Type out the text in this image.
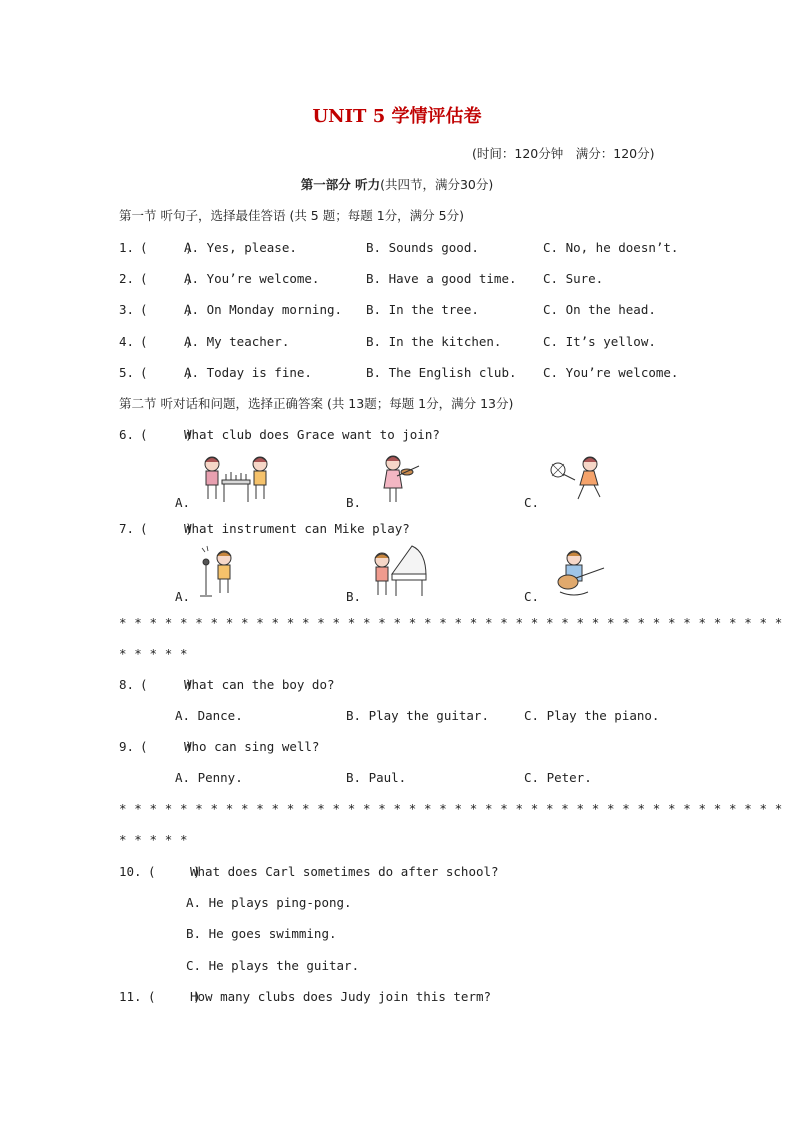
UNIT 5 学情评估卷
(时间：120分钟　满分：120分)
第一部分 听力(共四节，满分30分)
第一节 听句子，选择最佳答语 (共 5 题；每题 1分，满分 5分)
1. (     )
A. Yes, please.	B. Sounds good.	C. No, he doesn’t.
2. (     )
A. You’re welcome.	B. Have a good time. C. Sure.
3. (     )
A. On Monday morning. B. In the tree.	C. On the head.
4. (     )
A. My teacher.	B. In the kitchen.	C. It’s yellow.
5. (     )
A. Today is fine.	B. The English club. C. You’re welcome.
第二节 听对话和问题，选择正确答案 (共 13题；每题 1分，满分 13分)
6. (     )
What club does Grace want to join?
A.	B.	C.
7. (     )
What instrument can Mike play?
A.	B.	C.
* * * * * * * * * * * * * * * * * * * * * * * * * * * * * * * * * * * * * * * * * * * *
* * * * *
8. (     )
What can the boy do?
A. Dance.	B. Play the guitar.	C. Play the piano.
9. (     )
Who can sing well?
A. Penny.	B. Paul.	C. Peter.
* * * * * * * * * * * * * * * * * * * * * * * * * * * * * * * * * * * * * * * * * * * *
* * * * *
10. (     )
What does Carl sometimes do after school?
A. He plays ping-pong.
B. He goes swimming.
C. He plays the guitar.
11. (     )
How many clubs does Judy join this term?
